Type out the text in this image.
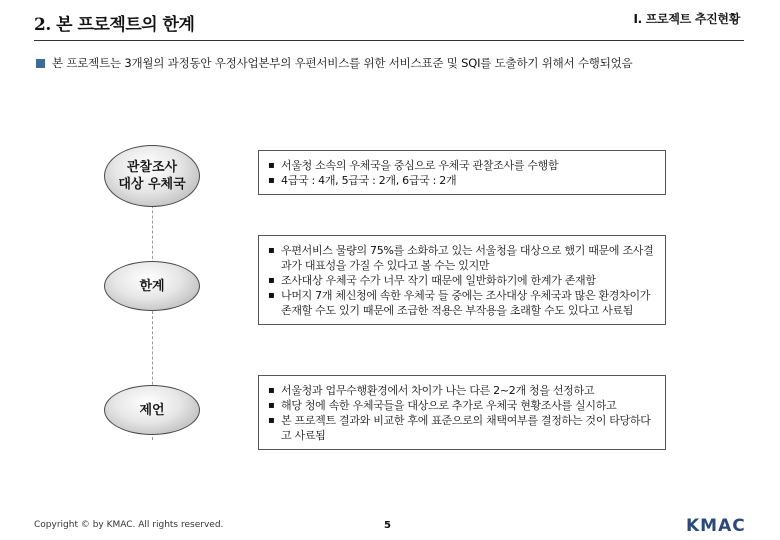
2. 본 프로젝트의 한계	I. 프로젝트 추진현황
본 프로젝트는 3개월의 과정동안 우정사업본부의 우편서비스를 위한 서비스표준 및 SQI를 도출하기 위해서 수행되었음
관찰조사
대상 우체국
▪ 서울청 소속의 우체국을 중심으로 우체국 관찰조사를 수행함
▪ 4급국 : 4개, 5급국 : 2개, 6급국 : 2개
한계
▪ 우편서비스 물량의 75%를 소화하고 있는 서울청을 대상으로 했기 때문에 조사결과가 대표성을 가질 수 있다고 볼 수는 있지만
▪ 조사대상 우체국 수가 너무 작기 때문에 일반화하기에 한계가 존재함
▪ 나머지 7개 체신청에 속한 우체국 들 중에는 조사대상 우체국과 많은 환경차이가 존재할 수도 있기 때문에 조급한 적용은 부작용을 초래할 수도 있다고 사료됨
제언
▪ 서울청과 업무수행환경에서 차이가 나는 다른 2~2개 청을 선정하고
▪ 해당 청에 속한 우체국들을 대상으로 추가로 우체국 현황조사를 실시하고
▪ 본 프로젝트 결과와 비교한 후에 표준으로의 채택여부를 결정하는 것이 타당하다고 사료됨
Copyright © by KMAC. All rights reserved.	5	KMAC
